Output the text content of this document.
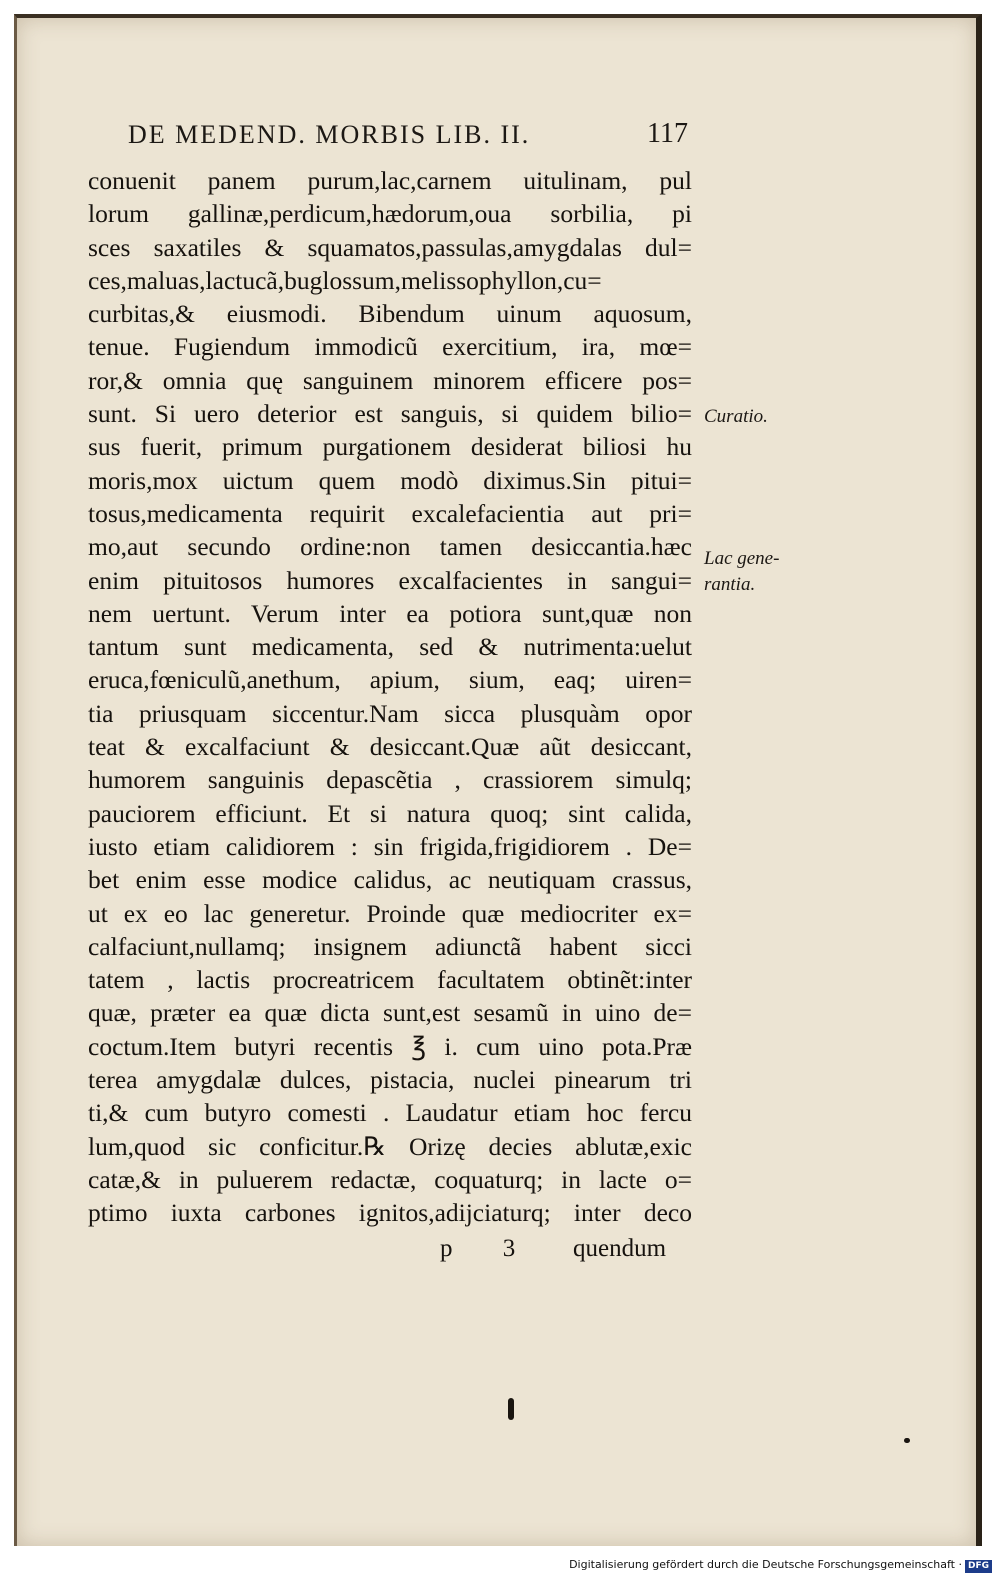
DE MEDEND. MORBIS LIB. II.	117
conuenit panem purum,lac,carnem uitulinam, pul
lorum gallinæ,perdicum,hædorum,oua sorbilia, pi
sces saxatiles & squamatos,passulas,amygdalas dul=
ces,maluas,lactucã,buglossum,melissophyllon,cu=
curbitas,& eiusmodi. Bibendum uinum aquosum,
tenue. Fugiendum immodicũ exercitium, ira, mœ=
ror,& omnia quę sanguinem minorem efficere pos=
sunt. Si uero deterior est sanguis, si quidem bilio=
sus fuerit, primum purgationem desiderat biliosi hu
moris,mox uictum quem modò diximus.Sin pitui=
tosus,medicamenta requirit excalefacientia aut pri=
mo,aut secundo ordine:non tamen desiccantia.hæc
enim pituitosos humores excalfacientes in sangui=
nem uertunt. Verum inter ea potiora sunt,quæ non
tantum sunt medicamenta, sed & nutrimenta:uelut
eruca,fœniculũ,anethum, apium, sium, eaq; uiren=
tia priusquam siccentur.Nam sicca plusquàm opor
teat & excalfaciunt & desiccant.Quæ aũt desiccant,
humorem sanguinis depascẽtia , crassiorem simulq;
pauciorem efficiunt. Et si natura quoq; sint calida,
iusto etiam calidiorem : sin frigida,frigidiorem . De=
bet enim esse modice calidus, ac neutiquam crassus,
ut ex eo lac generetur. Proinde quæ mediocriter ex=
calfaciunt,nullamq; insignem adiunctã habent sicci
tatem , lactis procreatricem facultatem obtinẽt:inter
quæ, præter ea quæ dicta sunt,est sesamũ in uino de=
coctum.Item butyri recentis ℥ i. cum uino pota.Præ
terea amygdalæ dulces, pistacia, nuclei pinearum tri
ti,& cum butyro comesti . Laudatur etiam hoc fercu
lum,quod sic conficitur.℞ Orizę decies ablutæ,exic
catæ,& in puluerem redactæ, coquaturq; in lacte o=
ptimo iuxta carbones ignitos,adijciaturq; inter deco
Curatio.
Lac gene- rantia.
p 3 quendum
Digitalisierung gefördert durch die Deutsche Forschungsgemeinschaft · DFG
